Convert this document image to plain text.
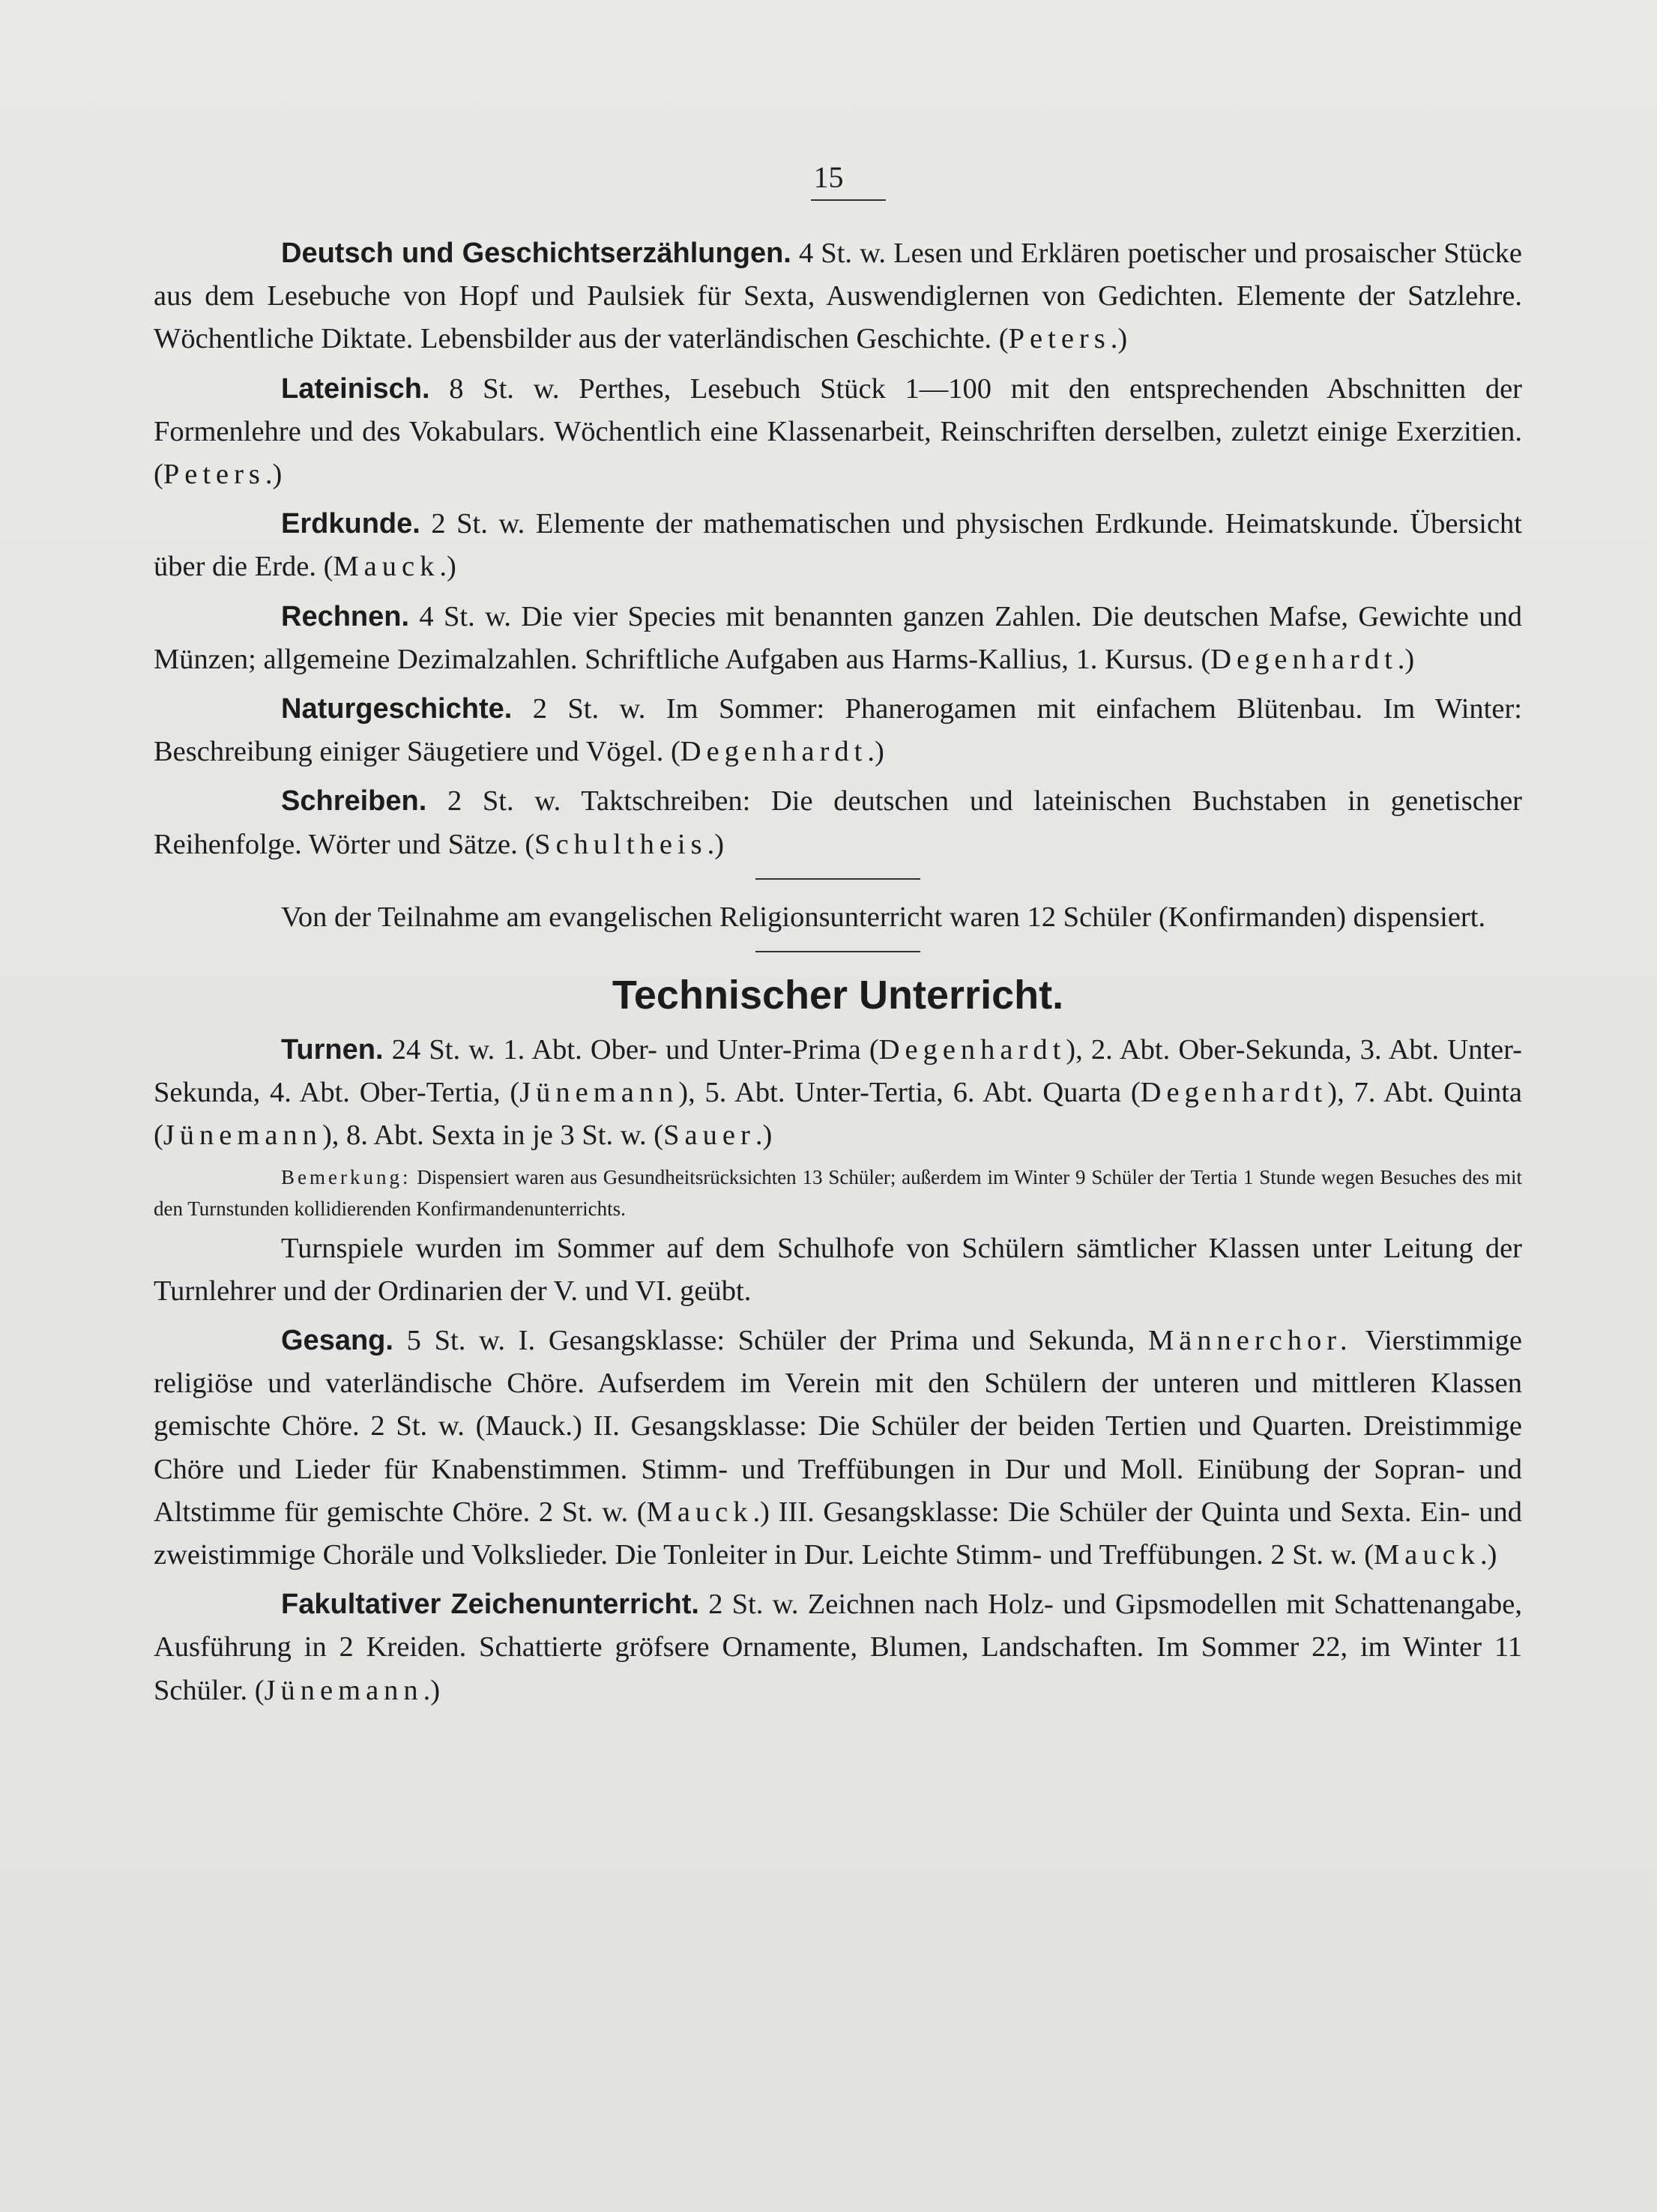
15

Deutsch und Geschichtserzählungen. 4 St. w. Lesen und Erklären poetischer und prosaischer Stücke aus dem Lesebuche von Hopf und Paulsiek für Sexta, Auswendiglernen von Gedichten. Elemente der Satzlehre. Wöchentliche Diktate. Lebensbilder aus der vaterländischen Geschichte. (Peters.)

Lateinisch. 8 St. w. Perthes, Lesebuch Stück 1—100 mit den entsprechenden Abschnitten der Formenlehre und des Vokabulars. Wöchentlich eine Klassenarbeit, Reinschriften derselben, zuletzt einige Exerzitien. (Peters.)

Erdkunde. 2 St. w. Elemente der mathematischen und physischen Erdkunde. Heimatskunde. Übersicht über die Erde. (Mauck.)

Rechnen. 4 St. w. Die vier Species mit benannten ganzen Zahlen. Die deutschen Mafse, Gewichte und Münzen; allgemeine Dezimalzahlen. Schriftliche Aufgaben aus Harms-Kallius, 1. Kursus. (Degenhardt.)

Naturgeschichte. 2 St. w. Im Sommer: Phanerogamen mit einfachem Blütenbau. Im Winter: Beschreibung einiger Säugetiere und Vögel. (Degenhardt.)

Schreiben. 2 St. w. Taktschreiben: Die deutschen und lateinischen Buchstaben in genetischer Reihenfolge. Wörter und Sätze. (Schultheis.)

Von der Teilnahme am evangelischen Religionsunterricht waren 12 Schüler (Konfirmanden) dispensiert.

Technischer Unterricht.

Turnen. 24 St. w. 1. Abt. Ober- und Unter-Prima (Degenhardt), 2. Abt. Ober-Sekunda, 3. Abt. Unter-Sekunda, 4. Abt. Ober-Tertia, (Jünemann), 5. Abt. Unter-Tertia, 6. Abt. Quarta (Degenhardt), 7. Abt. Quinta (Jünemann), 8. Abt. Sexta in je 3 St. w. (Sauer.)

Bemerkung: Dispensiert waren aus Gesundheitsrücksichten 13 Schüler; außerdem im Winter 9 Schüler der Tertia 1 Stunde wegen Besuches des mit den Turnstunden kollidierenden Konfirmandenunterrichts.

Turnspiele wurden im Sommer auf dem Schulhofe von Schülern sämtlicher Klassen unter Leitung der Turnlehrer und der Ordinarien der V. und VI. geübt.

Gesang. 5 St. w. I. Gesangsklasse: Schüler der Prima und Sekunda, Männerchor. Vierstimmige religiöse und vaterländische Chöre. Aufserdem im Verein mit den Schülern der unteren und mittleren Klassen gemischte Chöre. 2 St. w. (Mauck.) II. Gesangsklasse: Die Schüler der beiden Tertien und Quarten. Dreistimmige Chöre und Lieder für Knabenstimmen. Stimm- und Treffübungen in Dur und Moll. Einübung der Sopran- und Altstimme für gemischte Chöre. 2 St. w. (Mauck.) III. Gesangsklasse: Die Schüler der Quinta und Sexta. Ein- und zweistimmige Choräle und Volkslieder. Die Tonleiter in Dur. Leichte Stimm- und Treffübungen. 2 St. w. (Mauck.)

Fakultativer Zeichenunterricht. 2 St. w. Zeichnen nach Holz- und Gipsmodellen mit Schattenangabe, Ausführung in 2 Kreiden. Schattierte gröfsere Ornamente, Blumen, Landschaften. Im Sommer 22, im Winter 11 Schüler. (Jünemann.)
